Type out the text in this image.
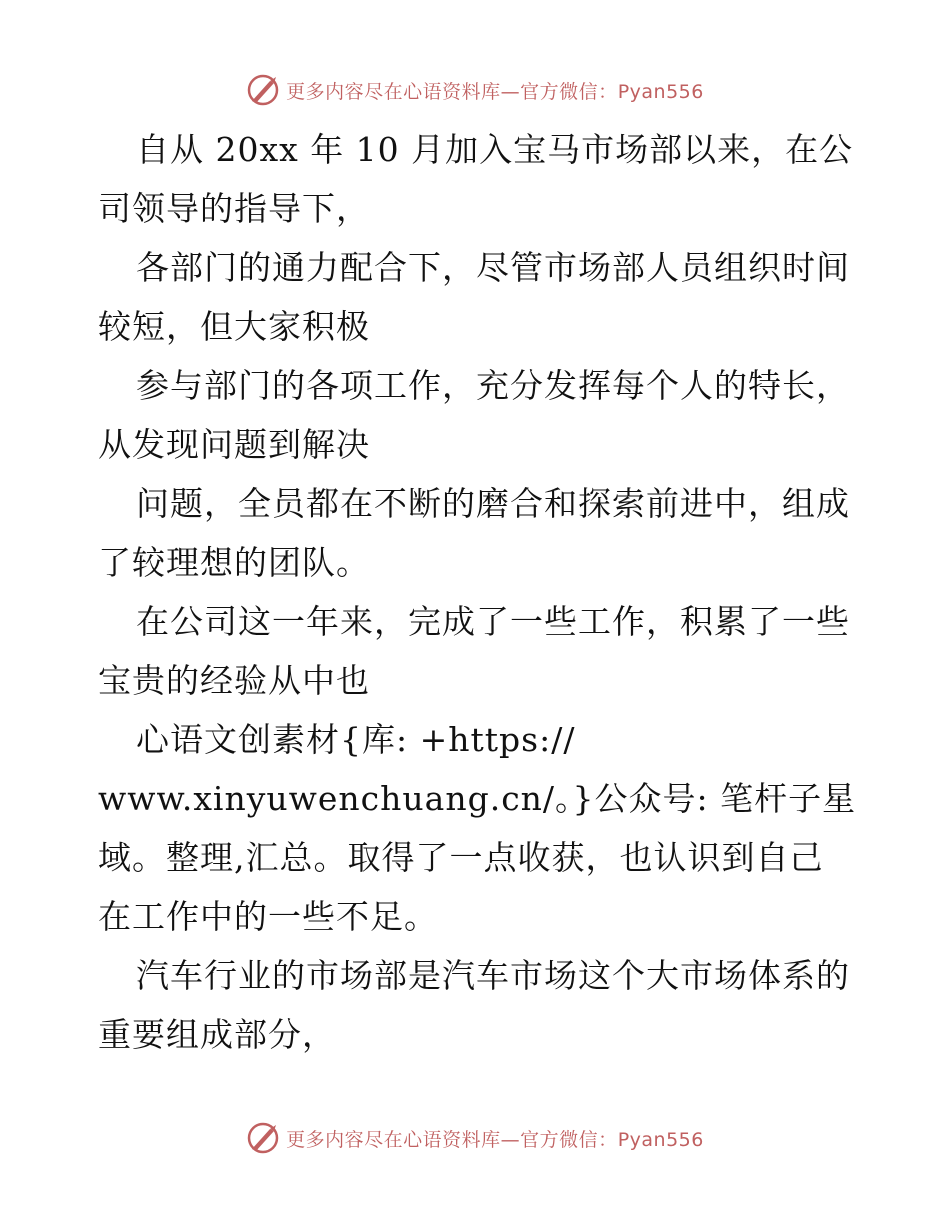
更多内容尽在心语资料库—官方微信：Pyan556

自从 20xx 年 10 月加入宝马市场部以来，在公

司领导的指导下，

各部门的通力配合下，尽管市场部人员组织时间

较短，但大家积极

参与部门的各项工作，充分发挥每个人的特长，

从发现问题到解决

问题，全员都在不断的磨合和探索前进中，组成

了较理想的团队。

在公司这一年来，完成了一些工作，积累了一些

宝贵的经验从中也

心语文创素材{库: +https://

www.xinyuwenchuang.cn/。}公众号: 笔杆子星

域。整理,汇总。取得了一点收获，也认识到自己

在工作中的一些不足。

汽车行业的市场部是汽车市场这个大市场体系的

重要组成部分，

更多内容尽在心语资料库—官方微信：Pyan556
